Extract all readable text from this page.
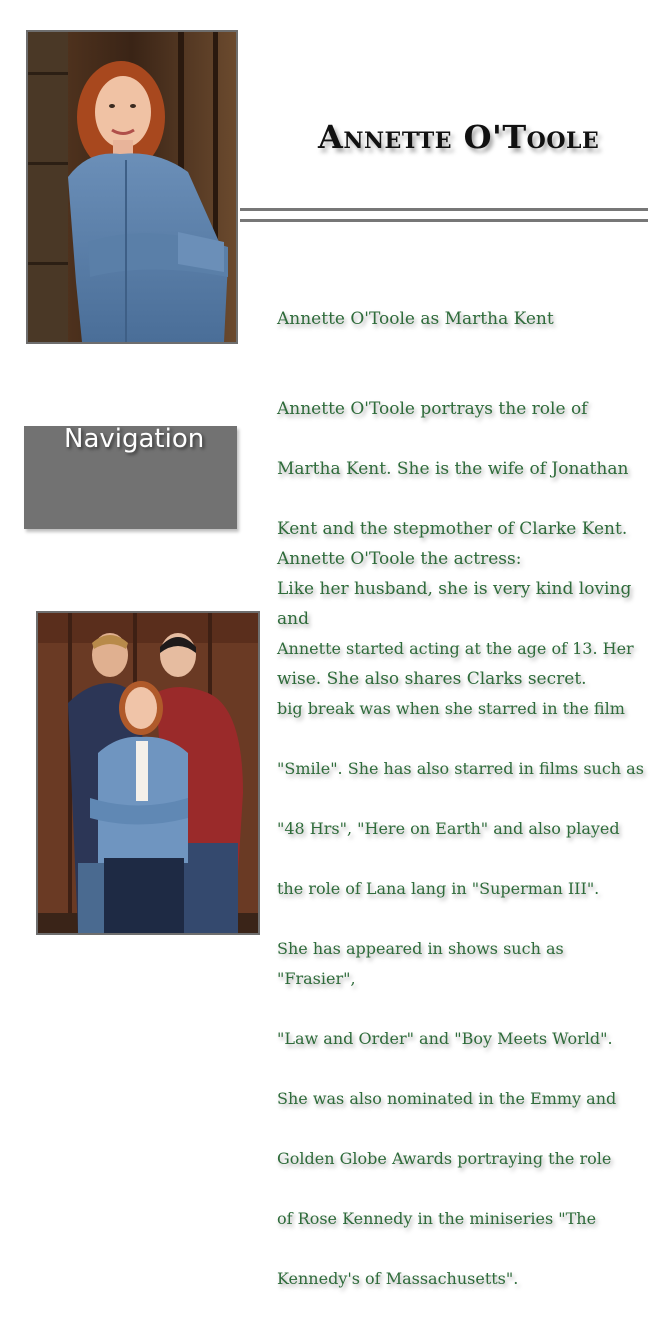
Annette O'Toole
Annette O'Toole as Martha Kent

Annette O'Toole portrays the role of

Martha Kent. She is the wife of Jonathan

Kent and the stepmother of Clarke Kent.

Like her husband, she is very kind loving and

wise. She also shares Clarks secret.

Navigation
Annette O'Toole the actress:

Annette started acting at the age of 13. Her

big break was when she starred in the film

"Smile". She has also starred in films such as

"48 Hrs", "Here on Earth" and also played

the role of Lana lang in "Superman III".

She has appeared in shows such as "Frasier",

"Law and Order" and "Boy Meets World".

She was also nominated in the Emmy and

Golden Globe Awards portraying the role

of Rose Kennedy in the miniseries "The

Kennedy's of Massachusetts".
